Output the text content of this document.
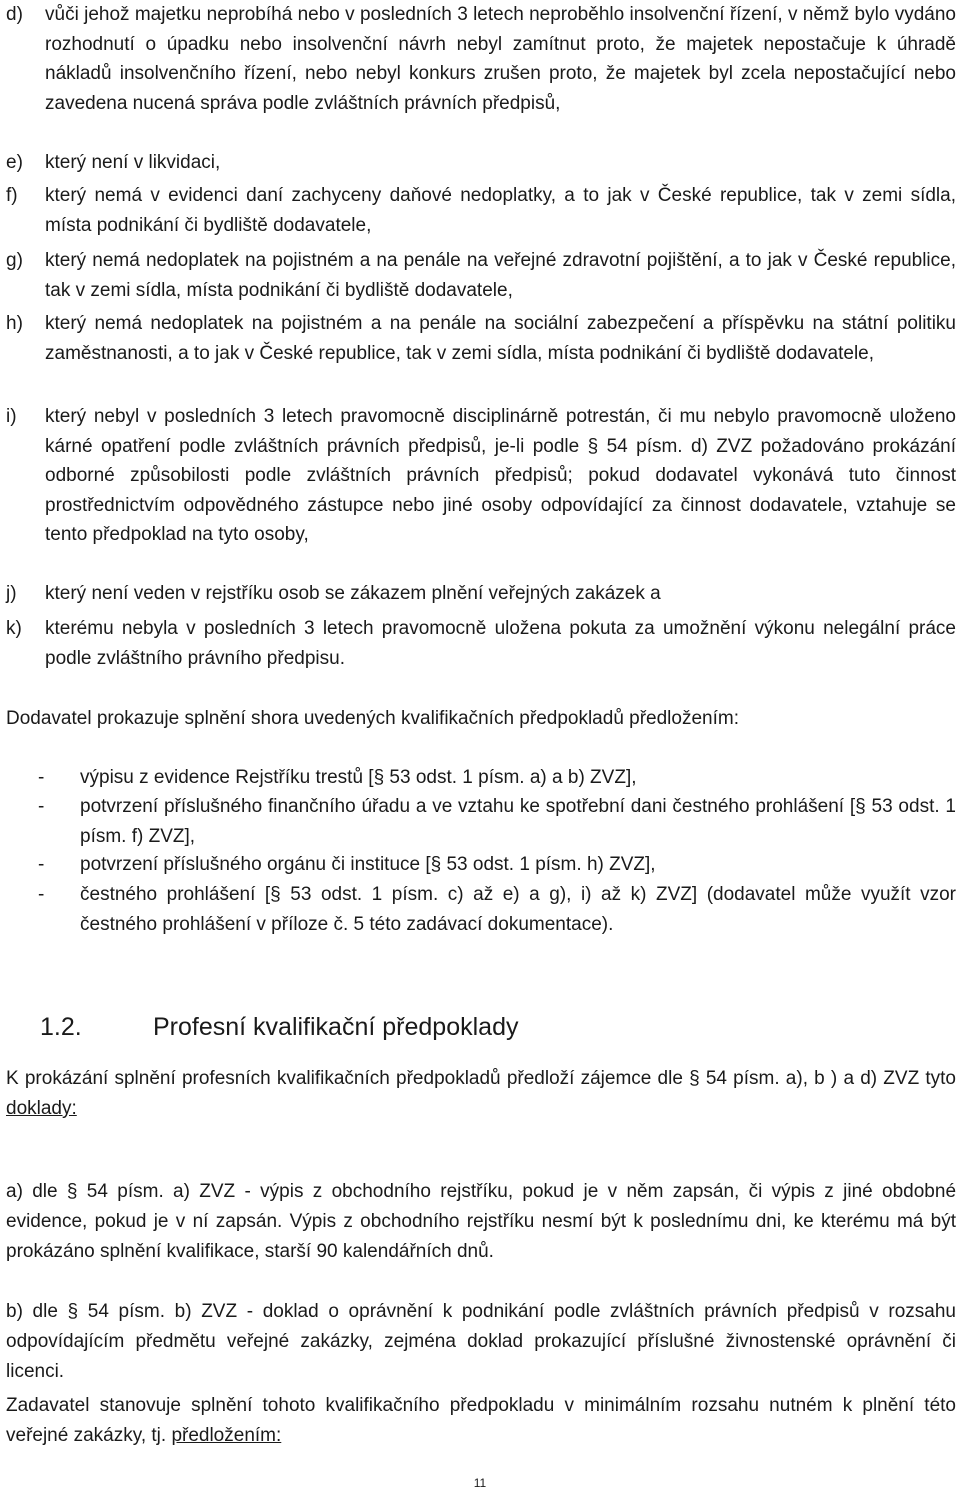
d) vůči jehož majetku neprobíhá nebo v posledních 3 letech neproběhlo insolvenční řízení, v němž bylo vydáno rozhodnutí o úpadku nebo insolvenční návrh nebyl zamítnut proto, že majetek nepostačuje k úhradě nákladů insolvenčního řízení, nebo nebyl konkurs zrušen proto, že majetek byl zcela nepostačující nebo zavedena nucená správa podle zvláštních právních předpisů,
e) který není v likvidaci,
f) který nemá v evidenci daní zachyceny daňové nedoplatky, a to jak v České republice, tak v zemi sídla, místa podnikání či bydliště dodavatele,
g) který nemá nedoplatek na pojistném a na penále na veřejné zdravotní pojištění, a to jak v České republice, tak v zemi sídla, místa podnikání či bydliště dodavatele,
h) který nemá nedoplatek na pojistném a na penále na sociální zabezpečení a příspěvku na státní politiku zaměstnanosti, a to jak v České republice, tak v zemi sídla, místa podnikání či bydliště dodavatele,
i) který nebyl v posledních 3 letech pravomocně disciplinárně potrestán, či mu nebylo pravomocně uloženo kárné opatření podle zvláštních právních předpisů, je-li podle § 54 písm. d) ZVZ požadováno prokázání odborné způsobilosti podle zvláštních právních předpisů; pokud dodavatel vykonává tuto činnost prostřednictvím odpovědného zástupce nebo jiné osoby odpovídající za činnost dodavatele, vztahuje se tento předpoklad na tyto osoby,
j) který není veden v rejstříku osob se zákazem plnění veřejných zakázek a
k) kterému nebyla v posledních 3 letech pravomocně uložena pokuta za umožnění výkonu nelegální práce podle zvláštního právního předpisu.
Dodavatel prokazuje splnění shora uvedených kvalifikačních předpokladů předložením:
- výpisu z evidence Rejstříku trestů [§ 53 odst. 1 písm. a) a b) ZVZ],
- potvrzení příslušného finančního úřadu a ve vztahu ke spotřební dani čestného prohlášení [§ 53 odst. 1 písm. f) ZVZ],
- potvrzení příslušného orgánu či instituce [§ 53 odst. 1 písm. h) ZVZ],
- čestného prohlášení [§ 53 odst. 1 písm. c) až e) a g), i) až k) ZVZ] (dodavatel může využít vzor čestného prohlášení v příloze č. 5 této zadávací dokumentace).
1.2.	Profesní kvalifikační předpoklady
K prokázání splnění profesních kvalifikačních předpokladů předloží zájemce dle § 54 písm. a), b ) a d) ZVZ tyto doklady:
a) dle § 54 písm. a) ZVZ - výpis z obchodního rejstříku, pokud je v něm zapsán, či výpis z jiné obdobné evidence, pokud je v ní zapsán. Výpis z obchodního rejstříku nesmí být k poslednímu dni, ke kterému má být prokázáno splnění kvalifikace, starší 90 kalendářních dnů.
b) dle § 54 písm. b) ZVZ - doklad o oprávnění k podnikání podle zvláštních právních předpisů v rozsahu odpovídajícím předmětu veřejné zakázky, zejména doklad prokazující příslušné živnostenské oprávnění či licenci.
Zadavatel stanovuje splnění tohoto kvalifikačního předpokladu v minimálním rozsahu nutném k plnění této veřejné zakázky, tj. předložením:
11
